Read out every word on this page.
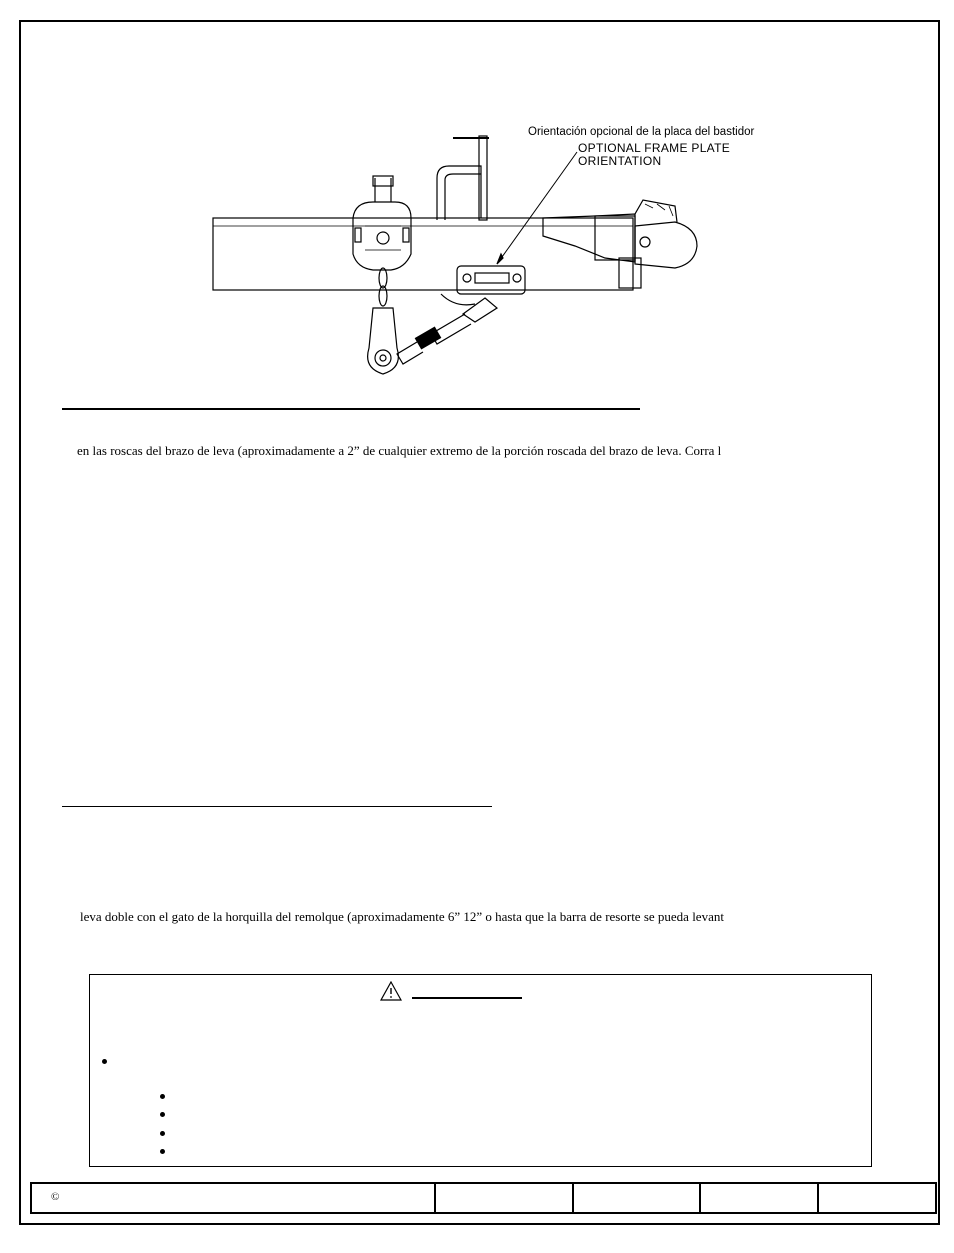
Orientación opcional de la placa del bastidor
OPTIONAL FRAME PLATE
ORIENTATION
en las roscas del brazo de leva (aproximadamente a 2” de cualquier extremo de la porción roscada del brazo de leva. Corra l
leva doble con el gato de la horquilla del remolque (aproximadamente 6” 12” o hasta que la barra de resorte se pueda levant
©
